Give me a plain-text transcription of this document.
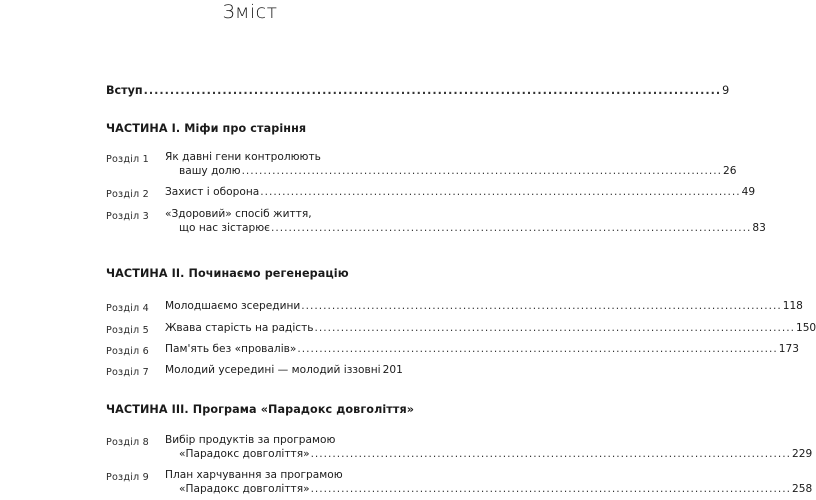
Зміст
Вступ .............................................................................................................. 9
ЧАСТИНА I. Міфи про старіння
Розділ 1 Як давні гени контролюють
вашу долю .............................................................................................................. 26
Розділ 2 Захист і оборона .............................................................................................................. 49
Розділ 3 «Здоровий» спосіб життя,
що нас зістарює .............................................................................................................. 83
ЧАСТИНА II. Починаємо регенерацію
Розділ 4 Молодшаємо зсередини .............................................................................................................. 118
Розділ 5 Жвава старість на радість .............................................................................................................. 150
Розділ 6 Пам'ять без «провалів» .............................................................................................................. 173
Розділ 7 Молодий усередині — молодий іззовні 201
ЧАСТИНА III. Програма «Парадокс довголіття»
Розділ 8 Вибір продуктів за програмою
«Парадокс довголіття» .............................................................................................................. 229
Розділ 9 План харчування за програмою
«Парадокс довголіття» .............................................................................................................. 258
